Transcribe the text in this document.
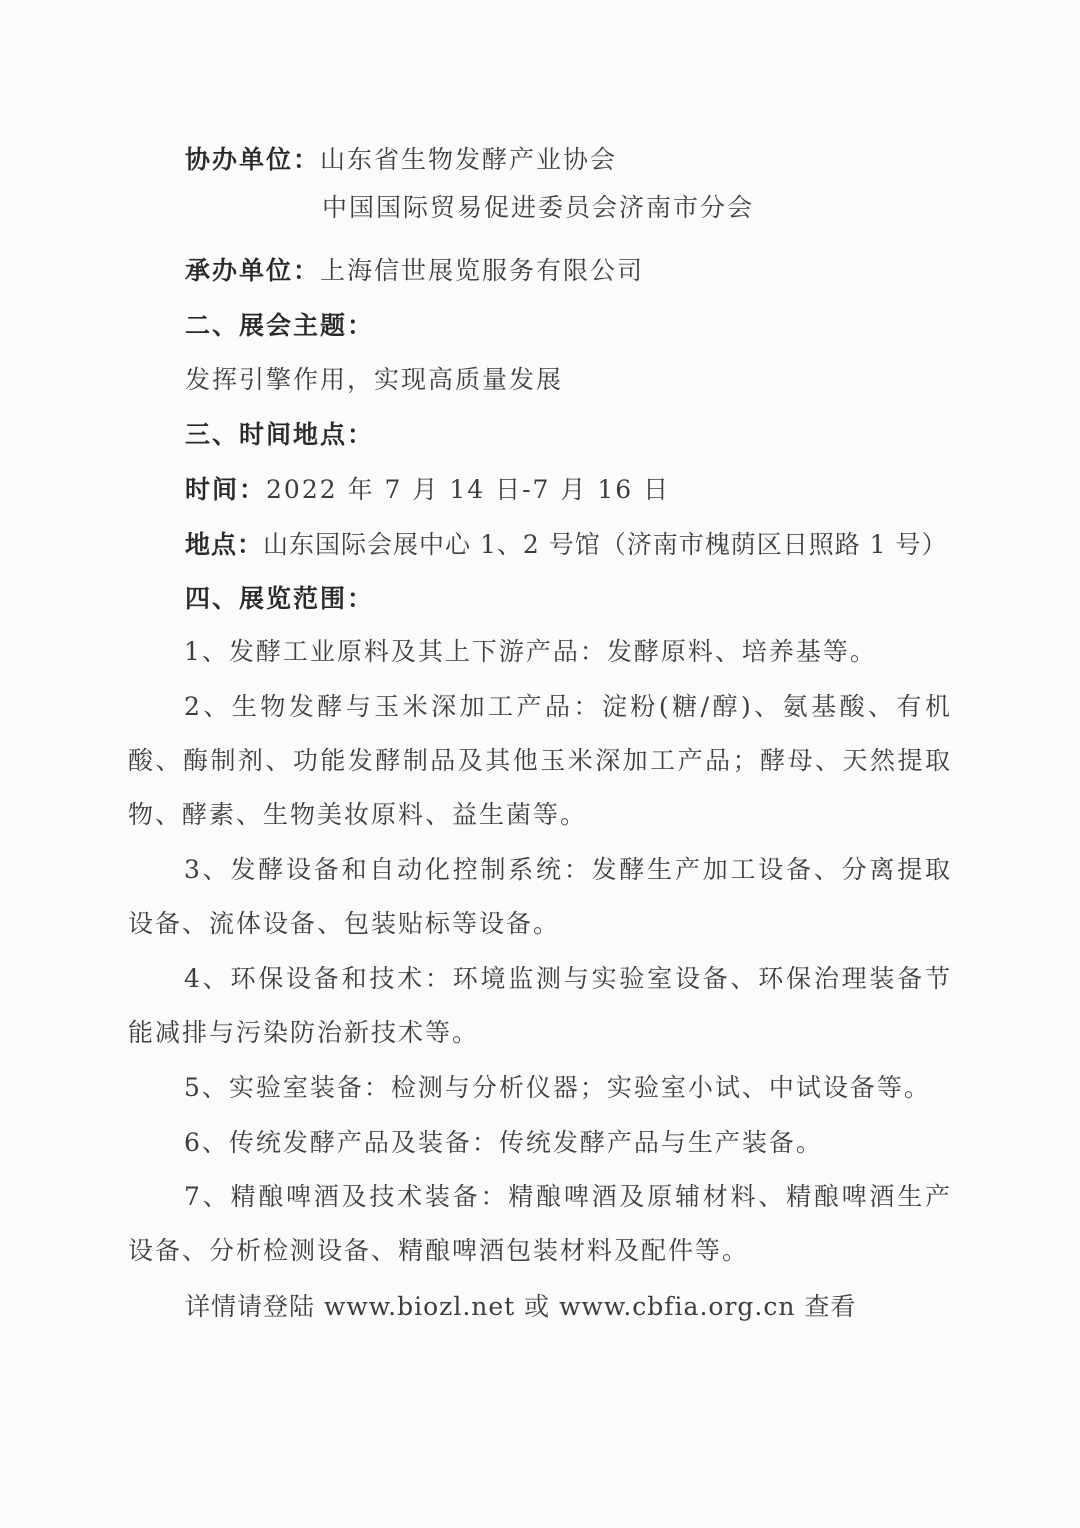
协办单位：山东省生物发酵产业协会
中国国际贸易促进委员会济南市分会
承办单位：上海信世展览服务有限公司
二、展会主题：
发挥引擎作用，实现高质量发展
三、时间地点：
时间：2022 年 7 月 14 日-7 月 16 日
地点：山东国际会展中心 1、2 号馆（济南市槐荫区日照路 1 号）
四、展览范围：
1、发酵工业原料及其上下游产品：发酵原料、培养基等。
2、生物发酵与玉米深加工产品：淀粉(糖/醇)、氨基酸、有机酸、酶制剂、功能发酵制品及其他玉米深加工产品；酵母、天然提取物、酵素、生物美妆原料、益生菌等。
3、发酵设备和自动化控制系统：发酵生产加工设备、分离提取设备、流体设备、包装贴标等设备。
4、环保设备和技术：环境监测与实验室设备、环保治理装备节能减排与污染防治新技术等。
5、实验室装备：检测与分析仪器；实验室小试、中试设备等。
6、传统发酵产品及装备：传统发酵产品与生产装备。
7、精酿啤酒及技术装备：精酿啤酒及原辅材料、精酿啤酒生产设备、分析检测设备、精酿啤酒包装材料及配件等。
详情请登陆 www.biozl.net 或 www.cbfia.org.cn 查看
